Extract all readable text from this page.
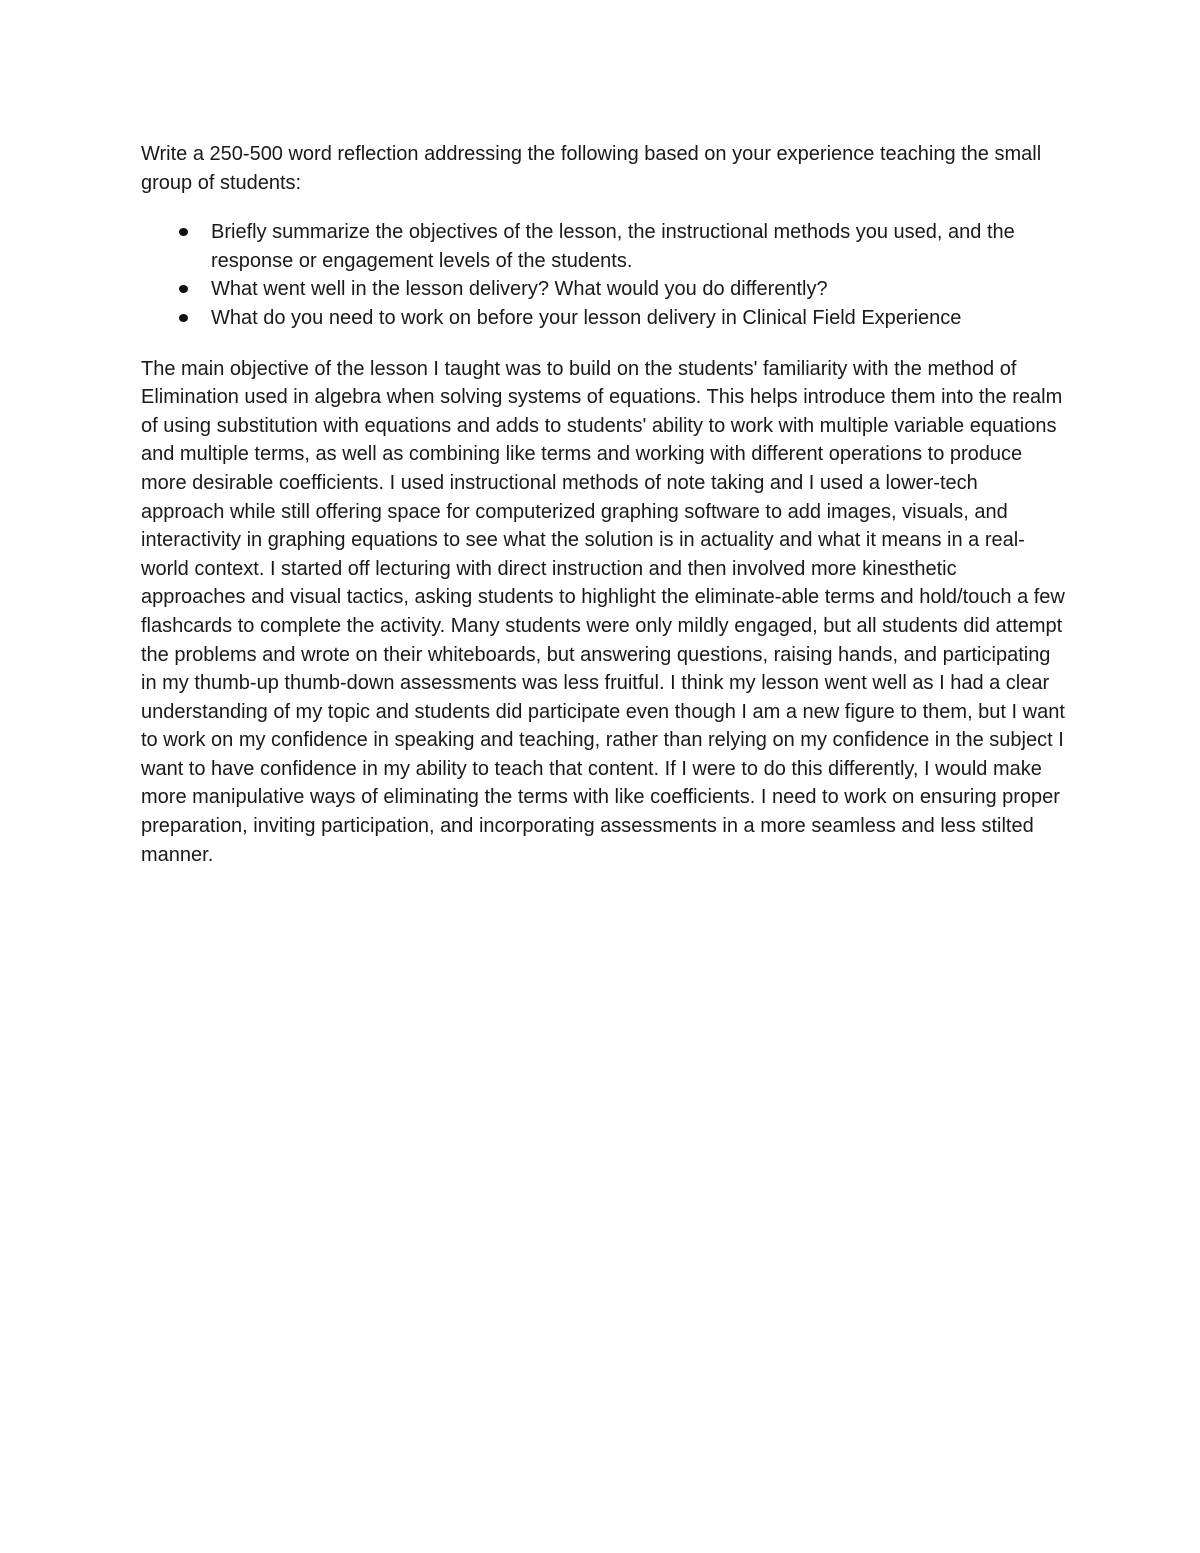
Write a 250-500 word reflection addressing the following based on your experience teaching the small group of students:

Briefly summarize the objectives of the lesson, the instructional methods you used, and the response or engagement levels of the students.
What went well in the lesson delivery? What would you do differently?
What do you need to work on before your lesson delivery in Clinical Field Experience

The main objective of the lesson I taught was to build on the students' familiarity with the method of Elimination used in algebra when solving systems of equations. This helps introduce them into the realm of using substitution with equations and adds to students' ability to work with multiple variable equations and multiple terms, as well as combining like terms and working with different operations to produce more desirable coefficients. I used instructional methods of note taking and I used a lower-tech approach while still offering space for computerized graphing software to add images, visuals, and interactivity in graphing equations to see what the solution is in actuality and what it means in a real-world context. I started off lecturing with direct instruction and then involved more kinesthetic approaches and visual tactics, asking students to highlight the eliminate-able terms and hold/touch a few flashcards to complete the activity. Many students were only mildly engaged, but all students did attempt the problems and wrote on their whiteboards, but answering questions, raising hands, and participating in my thumb-up thumb-down assessments was less fruitful. I think my lesson went well as I had a clear understanding of my topic and students did participate even though I am a new figure to them, but I want to work on my confidence in speaking and teaching, rather than relying on my confidence in the subject I want to have confidence in my ability to teach that content. If I were to do this differently, I would make more manipulative ways of eliminating the terms with like coefficients. I need to work on ensuring proper preparation, inviting participation, and incorporating assessments in a more seamless and less stilted manner.
